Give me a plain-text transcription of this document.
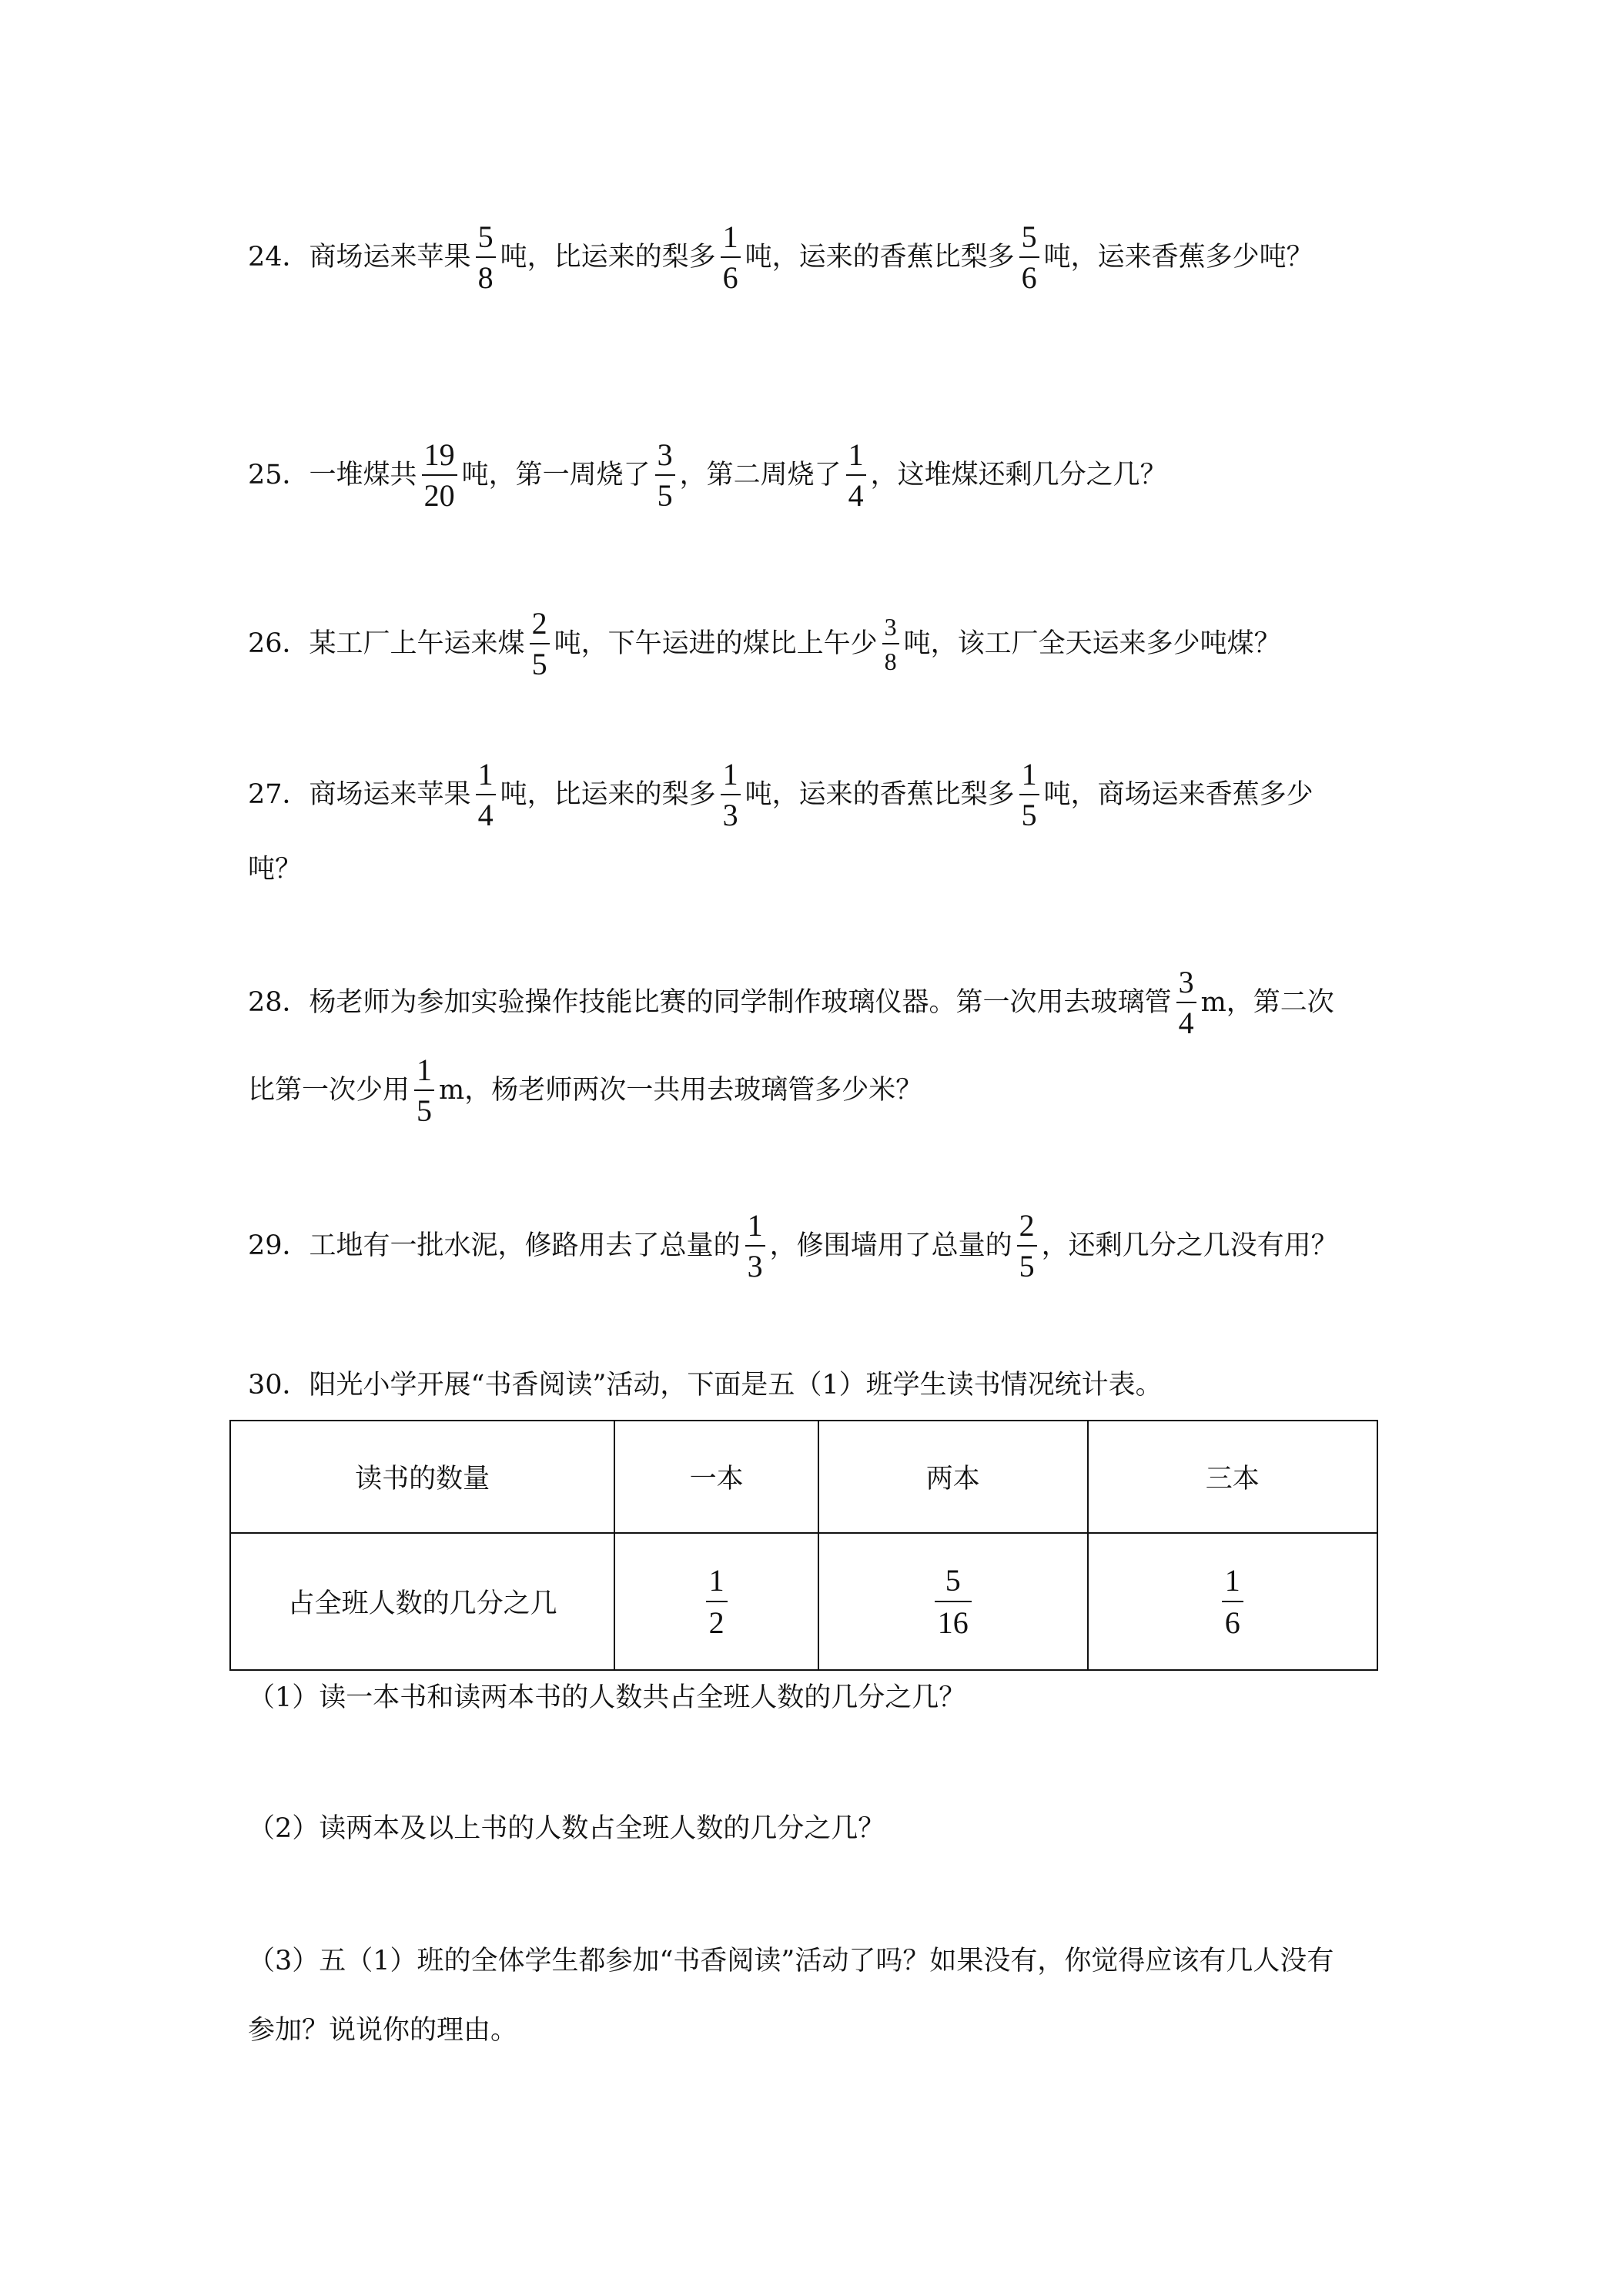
24． 商场运来苹果 $\frac{5}{8}$ 吨，比运来的梨多 $\frac{1}{6}$ 吨，运来的香蕉比梨多 $\frac{5}{6}$ 吨，运来香蕉多少吨？
25． 一堆煤共 $\frac{19}{20}$ 吨，第一周烧了 $\frac{3}{5}$ ，第二周烧了 $\frac{1}{4}$ ，这堆煤还剩几分之几？
26． 某工厂上午运来煤 $\frac{2}{5}$ 吨，下午运进的煤比上午少 $\frac{3}{8}$ 吨，该工厂全天运来多少吨煤？
27． 商场运来苹果 $\frac{1}{4}$ 吨，比运来的梨多 $\frac{1}{3}$ 吨，运来的香蕉比梨多 $\frac{1}{5}$ 吨，商场运来香蕉多少
吨？
28． 杨老师为参加实验操作技能比赛的同学制作玻璃仪器。第一次用去玻璃管 $\frac{3}{4}$ m，第二次
比第一次少用 $\frac{1}{5}$ m，杨老师两次一共用去玻璃管多少米？
29． 工地有一批水泥，修路用去了总量的 $\frac{1}{3}$ ，修围墙用了总量的 $\frac{2}{5}$ ，还剩几分之几没有用？
30． 阳光小学开展“书香阅读”活动，下面是五（1）班学生读书情况统计表。
读书的数量	一本	两本	三本
占全班人数的几分之几	$\frac{1}{2}$	$\frac{5}{16}$	$\frac{1}{6}$
（1）读一本书和读两本书的人数共占全班人数的几分之几？
（2）读两本及以上书的人数占全班人数的几分之几？
（3）五（1）班的全体学生都参加“书香阅读”活动了吗？如果没有，你觉得应该有几人没有
参加？说说你的理由。
